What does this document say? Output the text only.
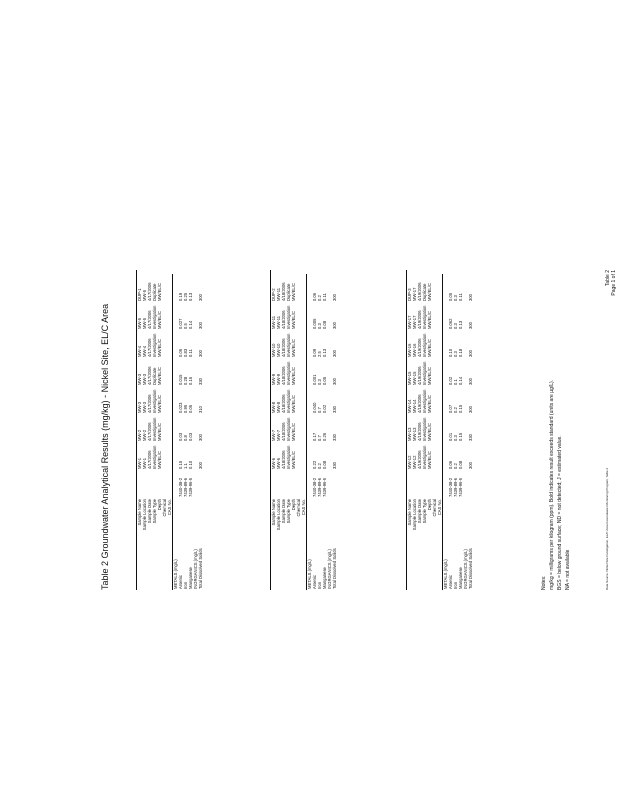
Table 2 Groundwater Analytical Results (mg/kg) - Nickel Site, EL/C Area	Sample Name
Sample Location
Sample Date
Sample Type
Depth
Chemical
CAS No.
MW-1
MW-1
4/17/2006
Investigation
MW/EL/C
MW-2
MW-2
4/17/2006
Investigation
MW/EL/C
MW-3
MW-3
4/17/2006
Investigation
MW/EL/C
MW-3
MW-3
4/17/2006
Duplicate
MW/EL/C
MW-4
MW-4
4/17/2006
Investigation
MW/EL/C
MW-5
MW-5
4/17/2006
Investigation
MW/EL/C
DUP-1
MW-5
4/17/2006
Duplicate
MW/EL/C
METALS (mg/L) Arsenic
7440-38-2
0.15
0.03
0.023
0.015
0.06
0.027
0.19
Iron
7439-89-6
1.1
0.8
0.95
0.28
0.83
0.5
0.25
Manganese
7439-96-5
0.10
0.03
0.06
0.16
0.11
0.14
0.13
INORGANICS (mg/L) Total Dissolved Solids
300
300
310
330
300
300
300
Sample Name
Sample Location
Sample Date
Sample Type
Depth
Chemical
CAS No.
MW-6
MW-6
4/18/2006
Investigation
MW/EL/C
MW-7
MW-7
4/18/2006
Investigation
MW/EL/C
MW-8
MW-8
4/18/2006
Investigation
MW/EL/C
MW-9
MW-9
4/18/2006
Investigation
MW/EL/C
MW-10
MW-10
4/18/2006
Investigation
MW/EL/C
MW-11
MW-11
4/18/2006
Investigation
MW/EL/C
DUP-2
MW-11
4/18/2006
Duplicate
MW/EL/C
METALS (mg/L) Arsenic
7440-38-2
0.22
0.17
0.040
0.001
0.09
0.005
0.06
Iron
7439-89-6
0.2
0.7
0.7
0.3
2.5
0.3
0.2
Manganese
7439-96-5
0.08
0.26
0.02
0.05
0.13
0.08
0.11
INORGANICS (mg/L) Total Dissolved Solids
330
330
330
300
300
300
300
Sample Name
Sample Location
Sample Date
Sample Type
Depth
Chemical
CAS No.
MW-12
MW-12
4/19/2006
Investigation
MW/EL/C
MW-13
MW-13
4/19/2006
Investigation
MW/EL/C
MW-14
MW-14
4/19/2006
Investigation
MW/EL/C
MW-15
MW-15
4/19/2006
Investigation
MW/EL/C
MW-16
MW-16
4/19/2006
Investigation
MW/EL/C
MW-17
MW-17
4/19/2006
Investigation
MW/EL/C
DUP-3
MW-17
4/19/2006
Duplicate
MW/EL/C
METALS (mg/L) Arsenic
7440-38-2
0.06
0.01
0.07
0.02
0.10
0.062
0.05
Iron
7439-89-6
0.2
0.3
0.2
0.1
0.3
0.3
0.3
Manganese
7439-96-5
0.08
0.15
0.15
0.14
0.18
0.13
0.11
INORGANICS (mg/L) Total Dissolved Solids
300
330
300
300
300
300
300
Notes: mg/kg = milligrams per kilogram (ppm). Bold indicates result exceeds standard (units are µg/L). BGS = below ground surface; ND = not detected; J = estimated value. NA = not available	Data Source: Nickel Site Investigation, EL/C Area Groundwater Monitoring Program, Table 2
Table 2 Page 1 of 1
